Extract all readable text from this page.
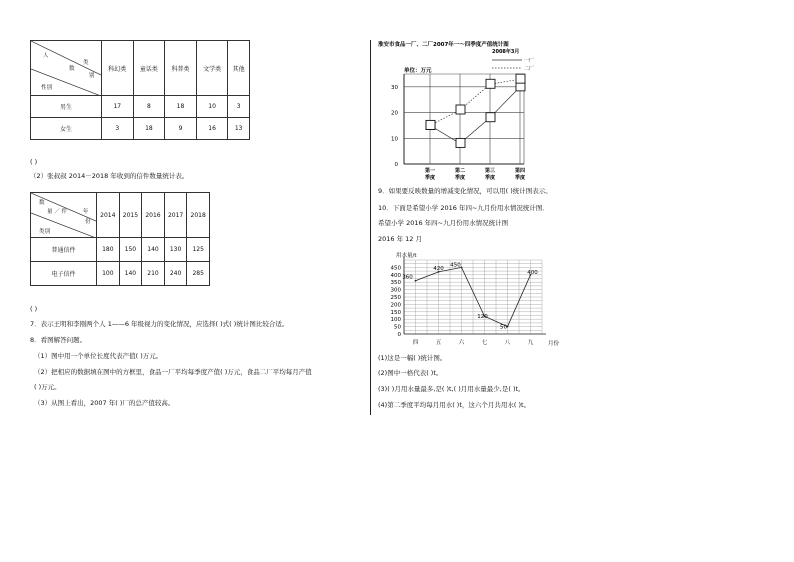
人
类
数
别
性别	科幻类	童话类	科普类	文学类	其他
男生	17	8	18	10	3
女生	3	18	9	16	13
( )
（2）张叔叔 2014－2018 年收到的信件数量统计表。
数
量 ／ 件 年
份
类别	2014	2015	2016	2017	2018
普通信件	180	150	140	130	125
电子信件	100	140	210	240	285
( )
7．表示王明和李刚两个人 1——6 年级视力的变化情况，应选择( )式( )统计图比较合适。
8．看图解答问题。
（1）图中用一个单位长度代表产值( )万元。
（2）把相应的数据填在图中的方框里，食品一厂平均每季度产值( )万元，食品二厂平均每月产值
( )万元。
（3）从图上看出，2007 年( )厂的总产值较高。
淮安市食品一厂、二厂2007年一～四季度产值统计图
2008年3月
单位：万元
一厂
二厂
0
10
20
30
第一
季度
第二
季度
第三
季度
第四
季度
9．如果要反映数量的增减变化情况，可以用( )统计图表示。
10．下面是希望小学 2016 年四~九月份用水情况统计图．
希望小学 2016 年四~九月份用水情况统计图
2016 年 12 月
用水量/t
月份
0
50
100
150
200
250
300
350
400
450
四	五	六	七	八	九
360
420
450
120
50
400
(1)这是一幅( )统计图。
(2)图中一格代表( )t。
(3)( )月用水量最多,是( )t,( )月用水量最少,是( )t。
(4)第二季度平均每月用水( )t，这六个月共用水( )t。
